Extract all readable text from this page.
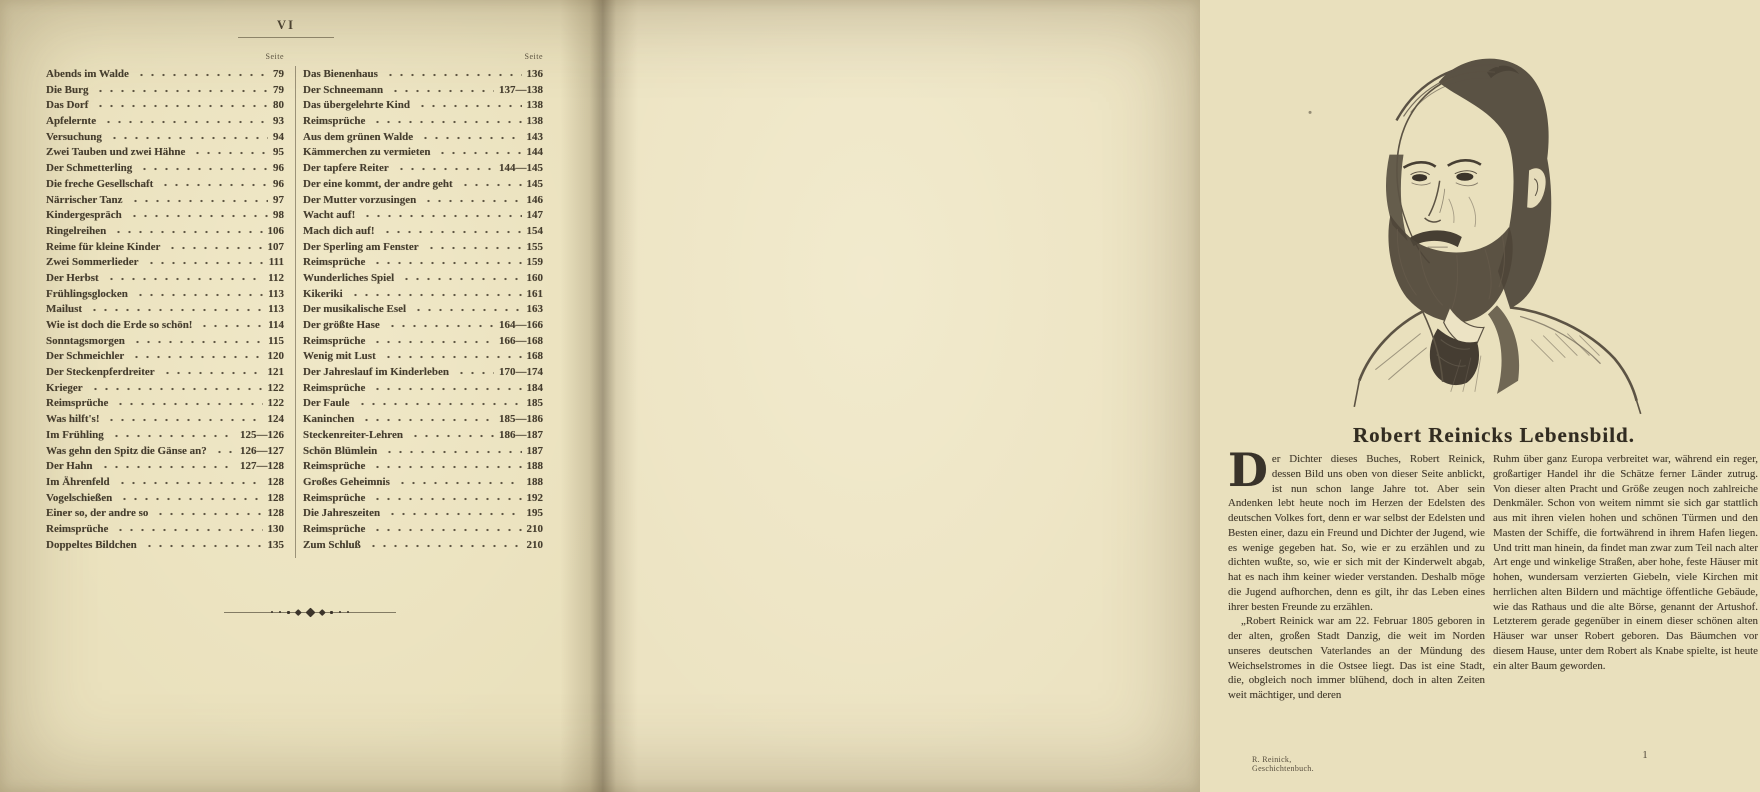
VI
Seite	Seite
Abends im Walde	79
Die Burg	79
Das Dorf	80
Apfelernte	93
Versuchung	94
Zwei Tauben und zwei Hähne	95
Der Schmetterling	96
Die freche Gesellschaft	96
Närrischer Tanz	97
Kindergespräch	98
Ringelreihen	106
Reime für kleine Kinder	107
Zwei Sommerlieder	111
Der Herbst	112
Frühlingsglocken	113
Mailust	113
Wie ist doch die Erde so schön!	114
Sonntagsmorgen	115
Der Schmeichler	120
Der Steckenpferdreiter	121
Krieger	122
Reimsprüche	122
Was hilft's!	124
Im Frühling	125—126
Was gehn den Spitz die Gänse an?	126—127
Der Hahn	127—128
Im Ährenfeld	128
Vogelschießen	128
Einer so, der andre so	128
Reimsprüche	130
Doppeltes Bildchen	135
Das Bienenhaus	136
Der Schneemann	137—138
Das übergelehrte Kind	138
Reimsprüche	138
Aus dem grünen Walde	143
Kämmerchen zu vermieten	144
Der tapfere Reiter	144—145
Der eine kommt, der andre geht	145
Der Mutter vorzusingen	146
Wacht auf!	147
Mach dich auf!	154
Der Sperling am Fenster	155
Reimsprüche	159
Wunderliches Spiel	160
Kikeriki	161
Der musikalische Esel	163
Der größte Hase	164—166
Reimsprüche	166—168
Wenig mit Lust	168
Der Jahreslauf im Kinderleben	170—174
Reimsprüche	184
Der Faule	185
Kaninchen	185—186
Steckenreiter-Lehren	186—187
Schön Blümlein	187
Reimsprüche	188
Großes Geheimnis	188
Reimsprüche	192
Die Jahreszeiten	195
Reimsprüche	210
Zum Schluß	210
Robert Reinicks Lebensbild.

Der Dichter dieses Buches, Robert Reinick, dessen Bild uns oben von dieser Seite anblickt, ist nun schon lange Jahre tot. Aber sein Andenken lebt heute noch im Herzen der Edelsten des deutschen Volkes fort, denn er war selbst der Edelsten und Besten einer, dazu ein Freund und Dichter der Jugend, wie es wenige gegeben hat. So, wie er zu erzählen und zu dichten wußte, so, wie er sich mit der Kinderwelt abgab, hat es nach ihm keiner wieder verstanden. Deshalb möge die Jugend aufhorchen, denn es gilt, ihr das Leben eines ihrer besten Freunde zu erzählen.

„Robert Reinick war am 22. Februar 1805 geboren in der alten, großen Stadt Danzig, die weit im Norden unseres deutschen Vaterlandes an der Mündung des Weichselstromes in die Ostsee liegt. Das ist eine Stadt, die, obgleich noch immer blühend, doch in alten Zeiten weit mächtiger, und deren

Ruhm über ganz Europa verbreitet war, während ein reger, großartiger Handel ihr die Schätze ferner Länder zutrug. Von dieser alten Pracht und Größe zeugen noch zahlreiche Denkmäler. Schon von weitem nimmt sie sich gar stattlich aus mit ihren vielen hohen und schönen Türmen und den Masten der Schiffe, die fortwährend in ihrem Hafen liegen. Und tritt man hinein, da findet man zwar zum Teil nach alter Art enge und winkelige Straßen, aber hohe, feste Häuser mit hohen, wundersam verzierten Giebeln, viele Kirchen mit herrlichen alten Bildern und mächtige öffentliche Gebäude, wie das Rathaus und die alte Börse, genannt der Artushof. Letzterem gerade gegenüber in einem dieser schönen alten Häuser war unser Robert geboren. Das Bäumchen vor diesem Hause, unter dem Robert als Knabe spielte, ist heute ein alter Baum geworden.

R. Reinick, Geschichtenbuch.
1
